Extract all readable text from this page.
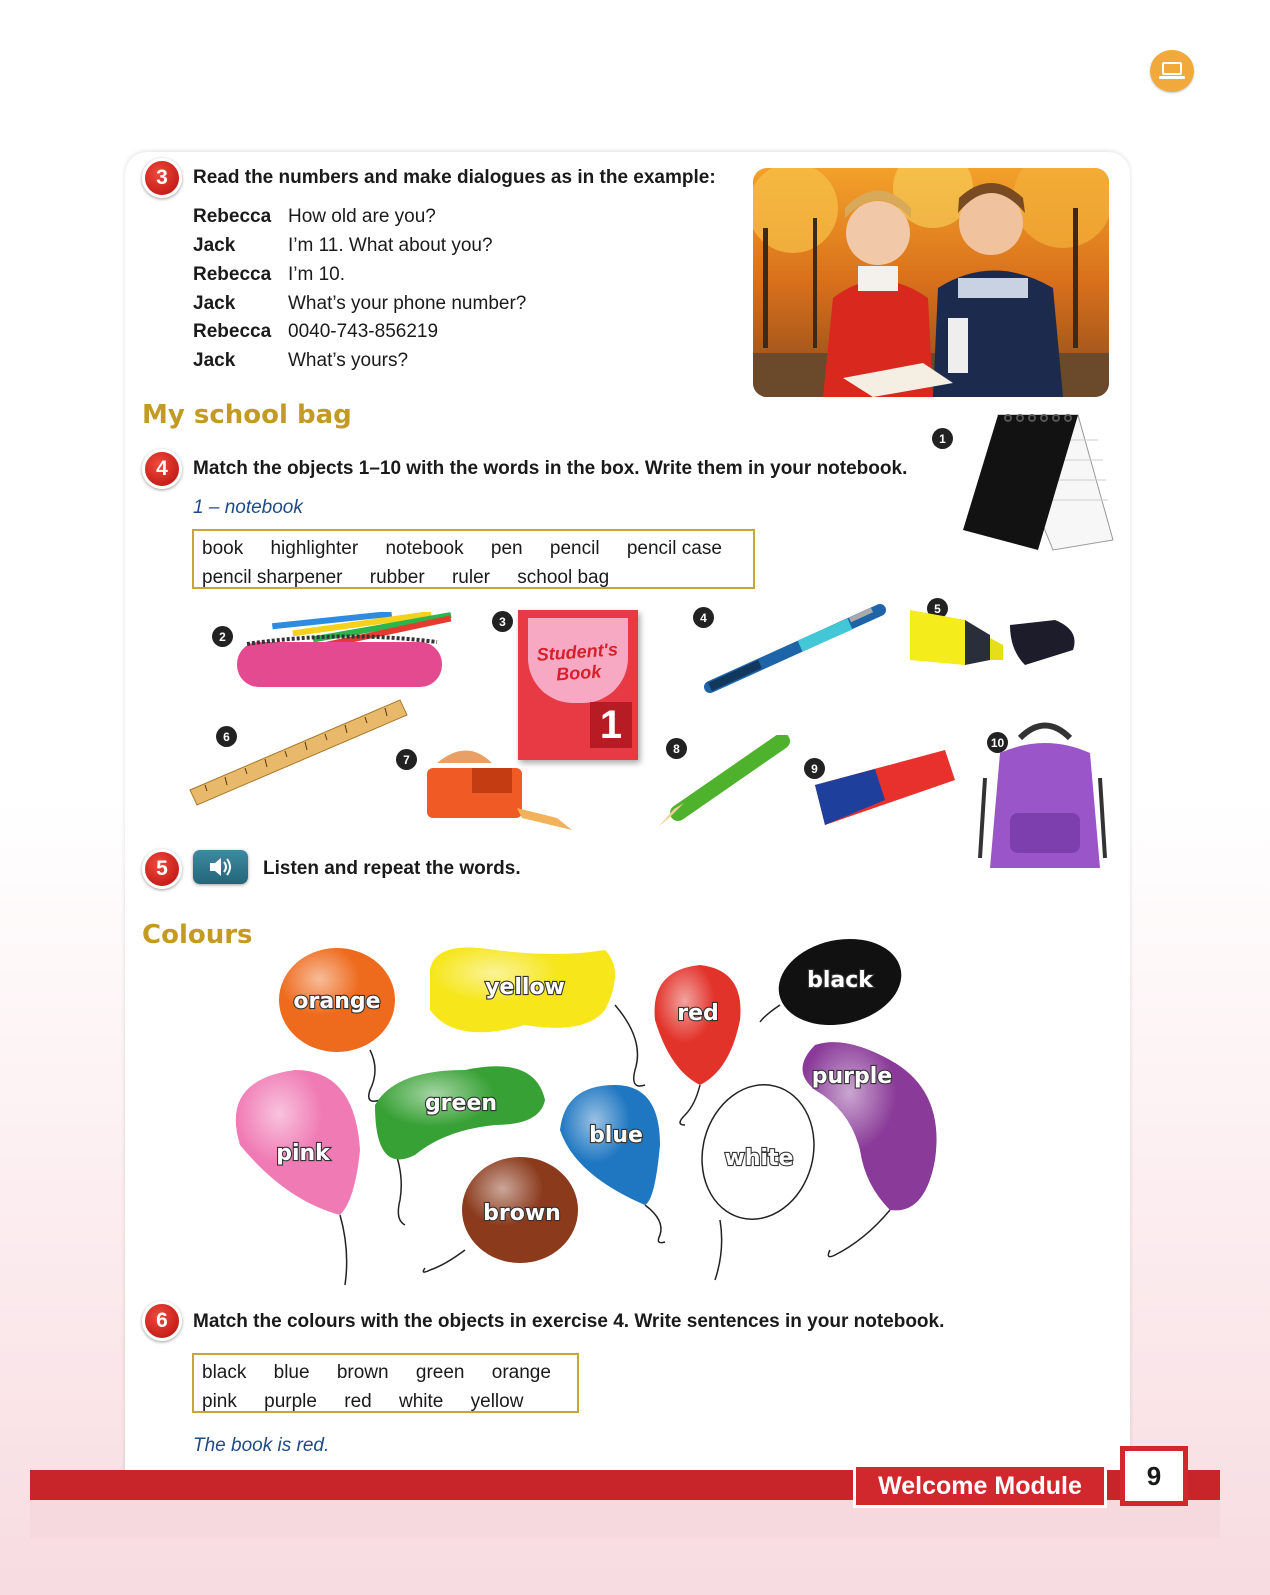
3	Read the numbers and make dialogues as in the example:
Rebecca How old are you?
Jack	I’m 11. What about you?
Rebecca I’m 10.
Jack	What’s your phone number?
Rebecca 0040-743-856219
Jack	What’s yours?
My school bag
4	Match the objects 1–10 with the words in the box. Write them in your notebook.
1 – notebook
book highlighter notebook pen pencil pencil case
pencil sharpener rubber ruler school bag
1
2
3
Student's Book
1
4
5
6
7
8
9
10
5	Listen and repeat the words.
Colours
orange
yellow
red
black
pink
green
blue
white
purple
brown
6	Match the colours with the objects in exercise 4. Write sentences in your notebook.
black blue brown green orange
pink purple red white yellow
The book is red.
Welcome Module	9
